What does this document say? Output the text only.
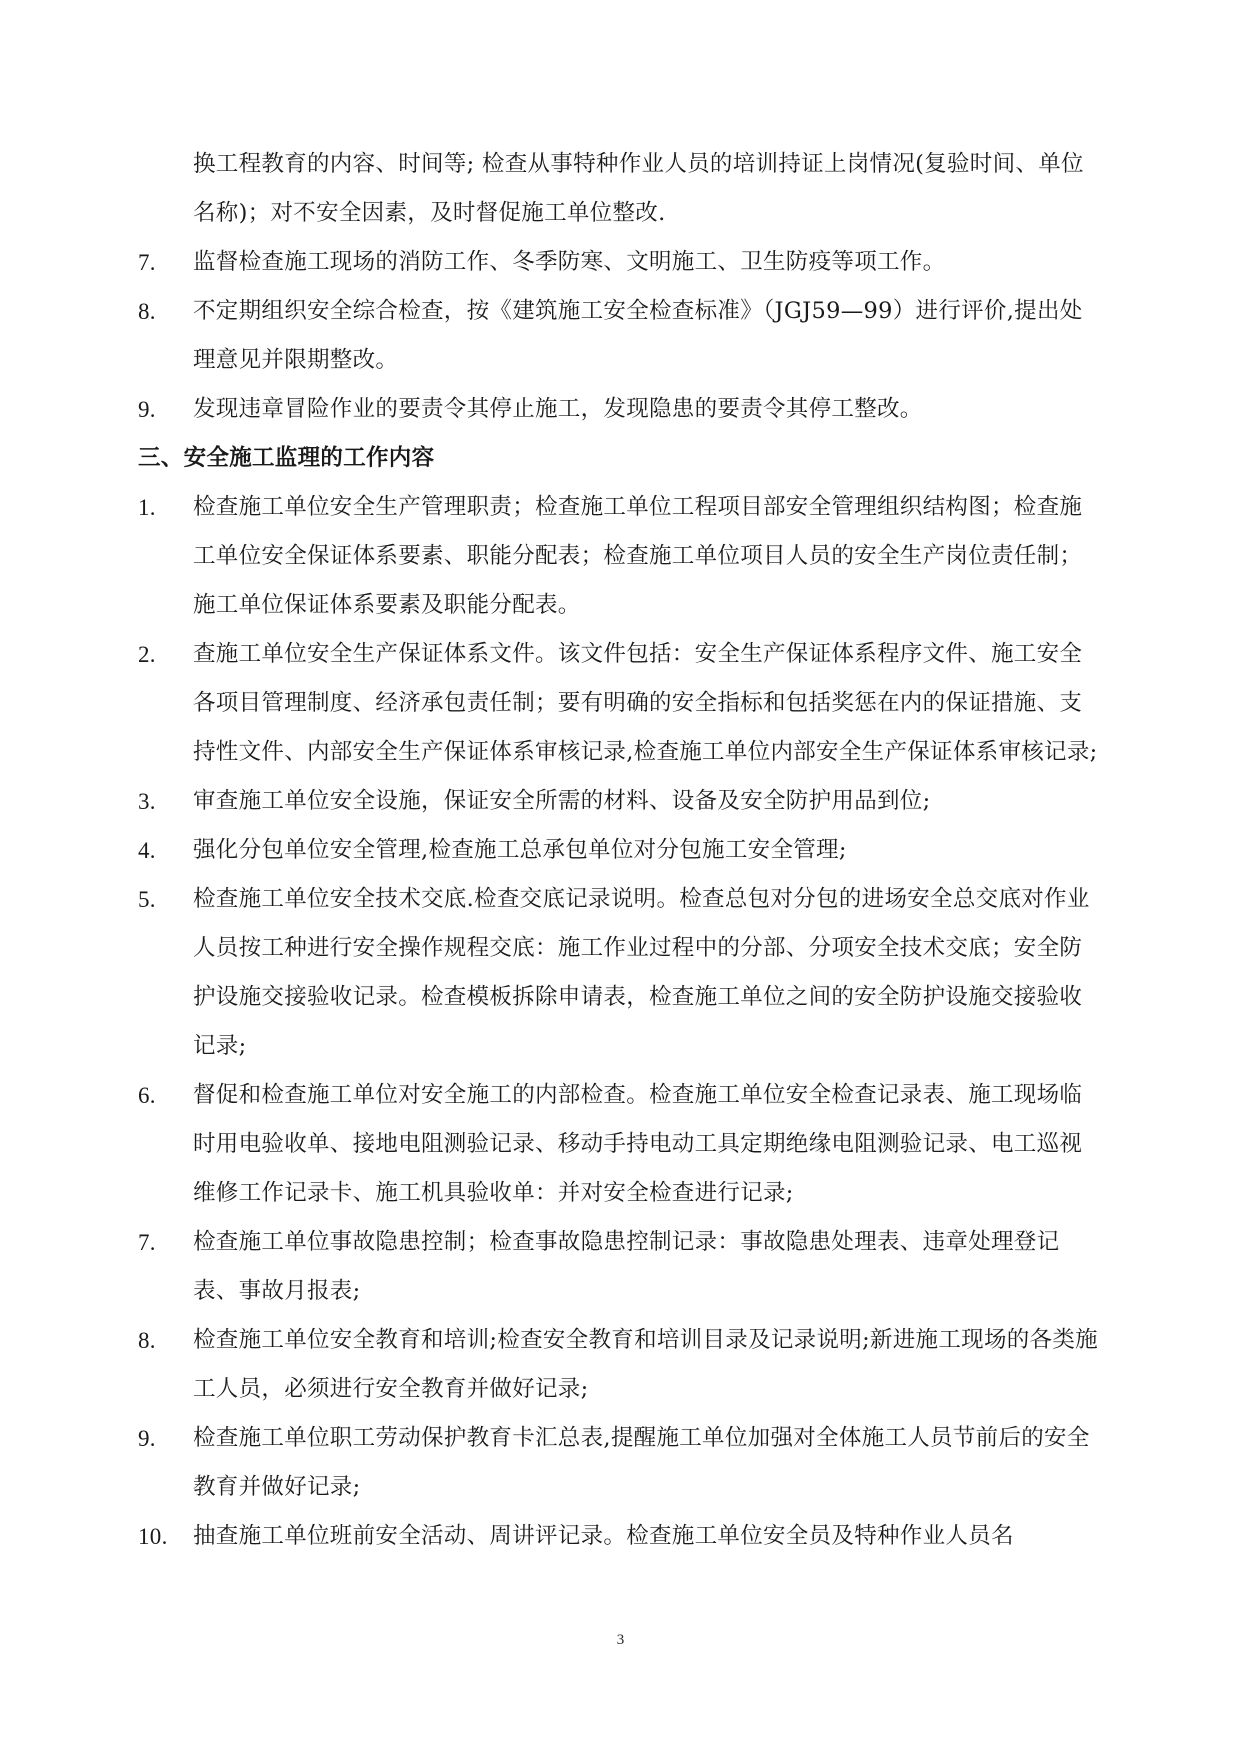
换工程教育的内容、时间等; 检查从事特种作业人员的培训持证上岗情况(复验时间、单位名称)；对不安全因素，及时督促施工单位整改.
7.	监督检查施工现场的消防工作、冬季防寒、文明施工、卫生防疫等项工作。
8.	不定期组织安全综合检查，按《建筑施工安全检查标准》（JGJ59—99）进行评价,提出处理意见并限期整改。
9.	发现违章冒险作业的要责令其停止施工，发现隐患的要责令其停工整改。
三、安全施工监理的工作内容
1.	检查施工单位安全生产管理职责；检查施工单位工程项目部安全管理组织结构图；检查施工单位安全保证体系要素、职能分配表；检查施工单位项目人员的安全生产岗位责任制；施工单位保证体系要素及职能分配表。
2.	查施工单位安全生产保证体系文件。该文件包括：安全生产保证体系程序文件、施工安全各项目管理制度、经济承包责任制；要有明确的安全指标和包括奖惩在内的保证措施、支持性文件、内部安全生产保证体系审核记录,检查施工单位内部安全生产保证体系审核记录;
3.	审查施工单位安全设施，保证安全所需的材料、设备及安全防护用品到位;
4.	强化分包单位安全管理,检查施工总承包单位对分包施工安全管理;
5.	检查施工单位安全技术交底.检查交底记录说明。检查总包对分包的进场安全总交底对作业人员按工种进行安全操作规程交底：施工作业过程中的分部、分项安全技术交底；安全防护设施交接验收记录。检查模板拆除申请表，检查施工单位之间的安全防护设施交接验收记录;
6.	督促和检查施工单位对安全施工的内部检查。检查施工单位安全检查记录表、施工现场临时用电验收单、接地电阻测验记录、移动手持电动工具定期绝缘电阻测验记录、电工巡视维修工作记录卡、施工机具验收单：并对安全检查进行记录;
7.	检查施工单位事故隐患控制；检查事故隐患控制记录：事故隐患处理表、违章处理登记表、事故月报表;
8.	检查施工单位安全教育和培训;检查安全教育和培训目录及记录说明;新进施工现场的各类施工人员，必须进行安全教育并做好记录;
9.	检查施工单位职工劳动保护教育卡汇总表,提醒施工单位加强对全体施工人员节前后的安全教育并做好记录;
10.	抽查施工单位班前安全活动、周讲评记录。检查施工单位安全员及特种作业人员名
3
